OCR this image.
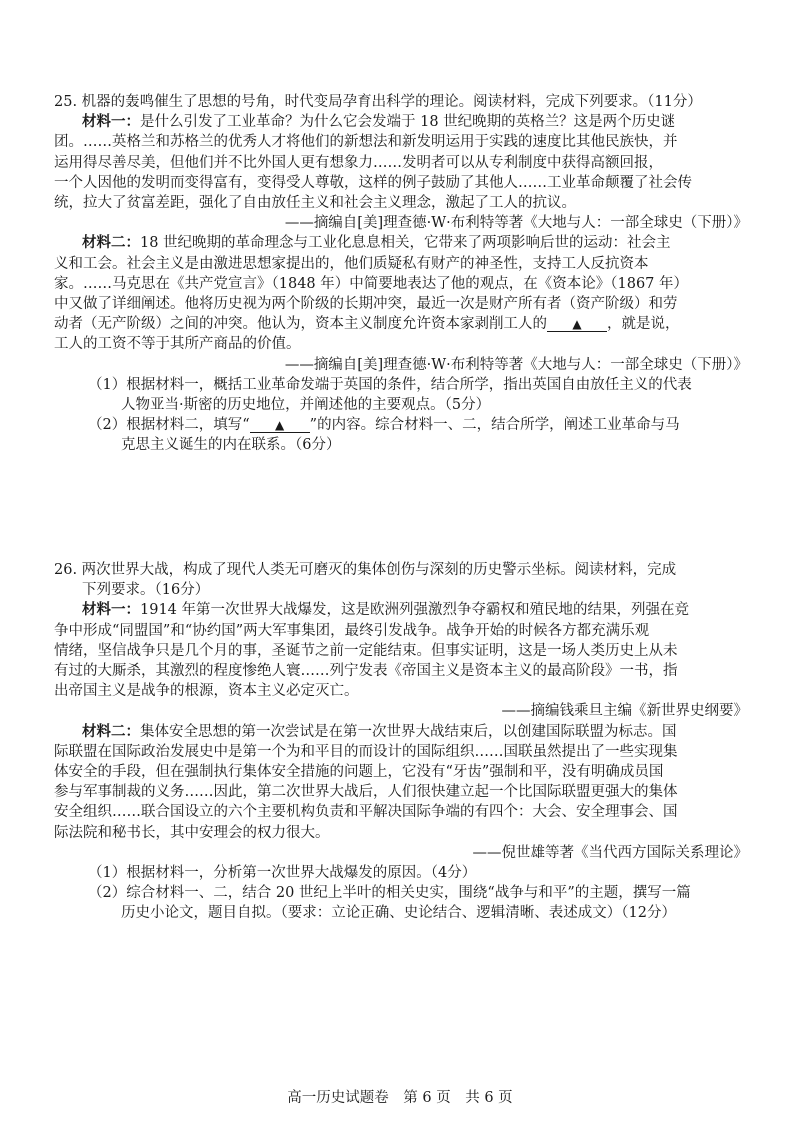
25. 机器的轰鸣催生了思想的号角，时代变局孕育出科学的理论。阅读材料，完成下列要求。（11分）
材料一：是什么引发了工业革命？为什么它会发端于 18 世纪晚期的英格兰？这是两个历史谜
团。……英格兰和苏格兰的优秀人才将他们的新想法和新发明运用于实践的速度比其他民族快，并
运用得尽善尽美，但他们并不比外国人更有想象力……发明者可以从专利制度中获得高额回报，
一个人因他的发明而变得富有，变得受人尊敬，这样的例子鼓励了其他人……工业革命颠覆了社会传
统，拉大了贫富差距，强化了自由放任主义和社会主义理念，激起了工人的抗议。
——摘编自[美]理查德·W·布利特等著《大地与人：一部全球史（下册）》
材料二：18 世纪晚期的革命理念与工业化息息相关，它带来了两项影响后世的运动：社会主
义和工会。社会主义是由激进思想家提出的，他们质疑私有财产的神圣性，支持工人反抗资本
家。……马克思在《共产党宣言》（1848 年）中简要地表达了他的观点，在《资本论》（1867 年）
中又做了详细阐述。他将历史视为两个阶级的长期冲突，最近一次是财产所有者（资产阶级）和劳
动者（无产阶级）之间的冲突。他认为，资本主义制度允许资本家剥削工人的 ▲ ，就是说，
工人的工资不等于其所产商品的价值。
——摘编自[美]理查德·W·布利特等著《大地与人：一部全球史（下册）》
（1）根据材料一，概括工业革命发端于英国的条件，结合所学，指出英国自由放任主义的代表
人物亚当·斯密的历史地位，并阐述他的主要观点。（5分）
（2）根据材料二，填写“ ▲ ”的内容。综合材料一、二，结合所学，阐述工业革命与马
克思主义诞生的内在联系。（6分）
26. 两次世界大战，构成了现代人类无可磨灭的集体创伤与深刻的历史警示坐标。阅读材料，完成
下列要求。（16分）
材料一：1914 年第一次世界大战爆发，这是欧洲列强激烈争夺霸权和殖民地的结果，列强在竞
争中形成“同盟国”和“协约国”两大军事集团，最终引发战争。战争开始的时候各方都充满乐观
情绪，坚信战争只是几个月的事，圣诞节之前一定能结束。但事实证明，这是一场人类历史上从未
有过的大厮杀，其激烈的程度惨绝人寰……列宁发表《帝国主义是资本主义的最高阶段》一书，指
出帝国主义是战争的根源，资本主义必定灭亡。
——摘编钱乘旦主编《新世界史纲要》
材料二：集体安全思想的第一次尝试是在第一次世界大战结束后，以创建国际联盟为标志。国
际联盟在国际政治发展史中是第一个为和平目的而设计的国际组织……国联虽然提出了一些实现集
体安全的手段，但在强制执行集体安全措施的问题上，它没有“牙齿”强制和平，没有明确成员国
参与军事制裁的义务……因此，第二次世界大战后，人们很快建立起一个比国际联盟更强大的集体
安全组织……联合国设立的六个主要机构负责和平解决国际争端的有四个：大会、安全理事会、国
际法院和秘书长，其中安理会的权力很大。
——倪世雄等著《当代西方国际关系理论》
（1）根据材料一，分析第一次世界大战爆发的原因。（4分）
（2）综合材料一、二，结合 20 世纪上半叶的相关史实，围绕“战争与和平”的主题，撰写一篇
历史小论文，题目自拟。（要求：立论正确、史论结合、逻辑清晰、表述成文）（12分）
高一历史试题卷　第 6 页　共 6 页
